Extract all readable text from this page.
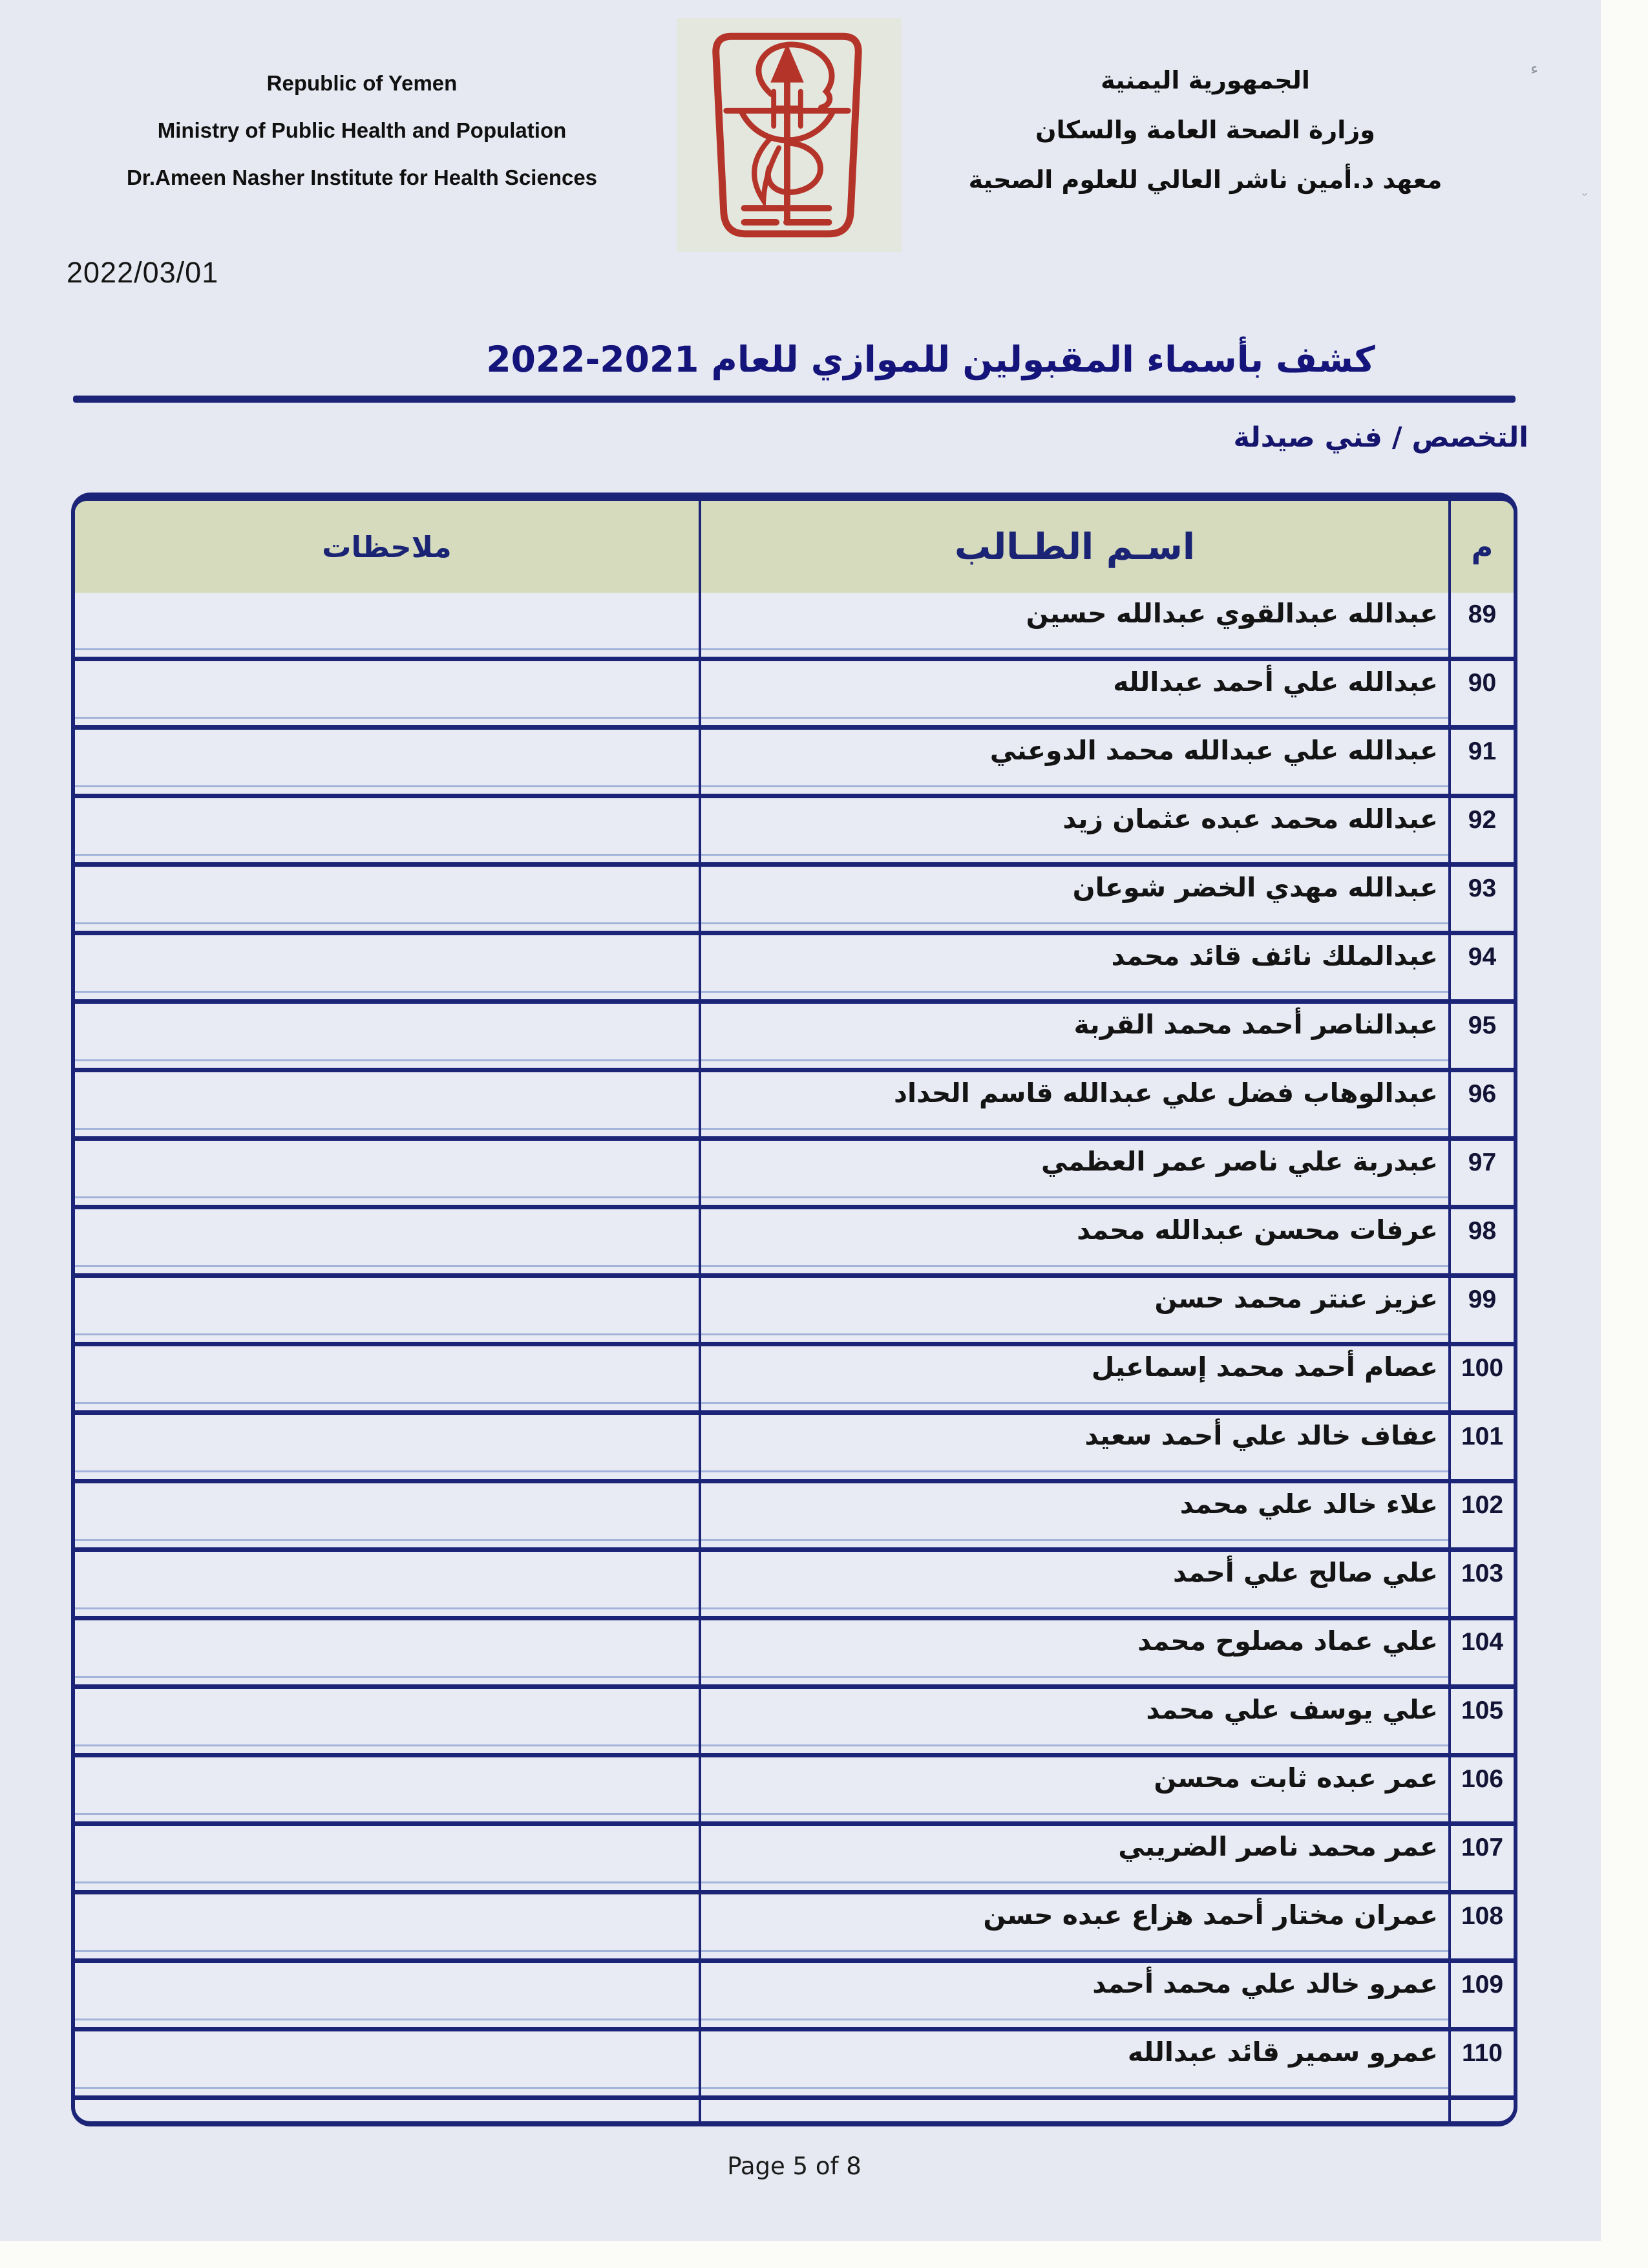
Republic of Yemen
Ministry of Public Health and Population
Dr.Ameen Nasher Institute for Health Sciences
الجمهورية اليمنية
وزارة الصحة العامة والسكان
معهد د.أمين ناشر العالي للعلوم الصحية
2022/03/01
كشف بأسماء المقبولين للموازي للعام 2022-2021
التخصص / فني صيدلة
ملاحظات	اسـم الطـالب	م
عبدالله عبدالقوي عبدالله حسين	89
عبدالله علي أحمد عبدالله	90
عبدالله علي عبدالله محمد الدوعني	91
عبدالله محمد عبده عثمان زيد	92
عبدالله مهدي الخضر شوعان	93
عبدالملك نائف قائد محمد	94
عبدالناصر أحمد محمد القربة	95
عبدالوهاب فضل علي عبدالله قاسم الحداد	96
عبدربة علي ناصر عمر العظمي	97
عرفات محسن عبدالله محمد	98
عزيز عنتر محمد حسن	99
عصام أحمد محمد إسماعيل 100
عفاف خالد علي أحمد سعيد 101
علاء خالد علي محمد 102
علي صالح علي أحمد 103
علي عماد مصلوح محمد 104
علي يوسف علي محمد 105
عمر عبده ثابت محسن 106
عمر محمد ناصر الضريبي 107
عمران مختار أحمد هزاع عبده حسن 108
عمرو خالد علي محمد أحمد 109
عمرو سمير قائد عبدالله 110
Page 5 of 8
ء
ᵕ
